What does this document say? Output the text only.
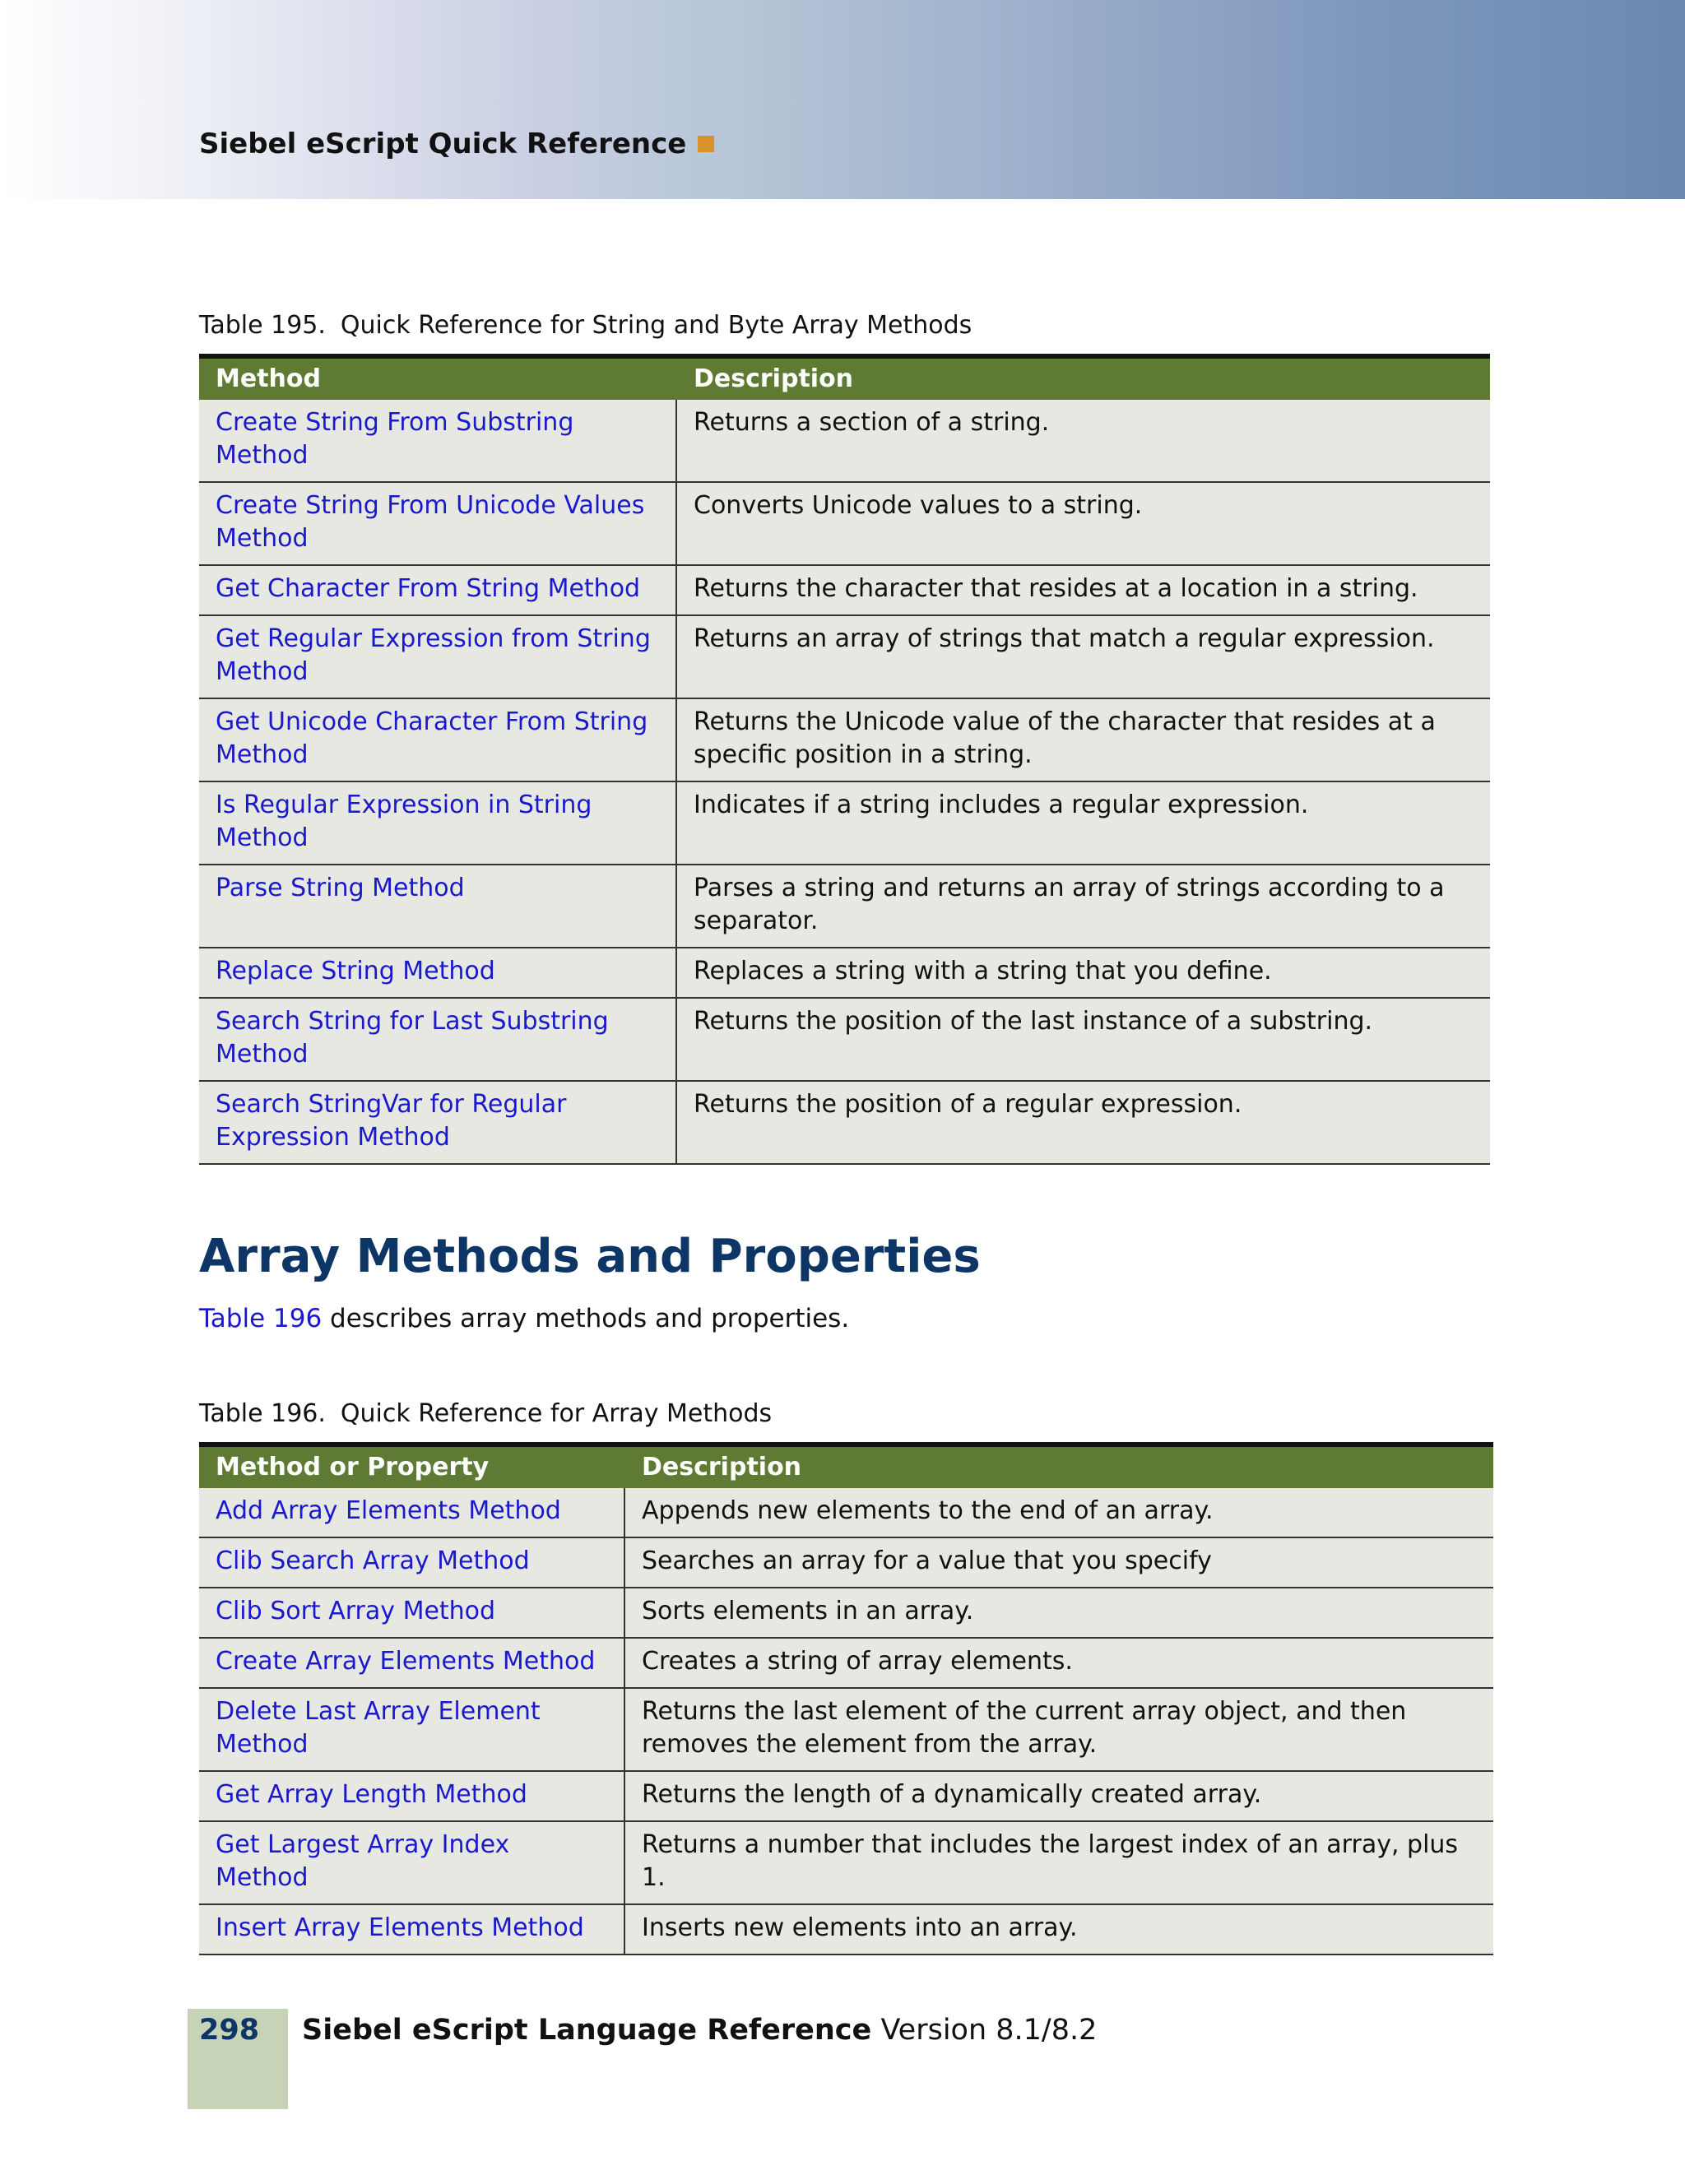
Siebel eScript Quick Reference
Table 195. Quick Reference for String and Byte Array Methods
Method	Description
Create String From Substring Method	Returns a section of a string.
Create String From Unicode Values Method	Converts Unicode values to a string.
Get Character From String Method	Returns the character that resides at a location in a string.
Get Regular Expression from String Method	Returns an array of strings that match a regular expression.
Get Unicode Character From String Method	Returns the Unicode value of the character that resides at a specific position in a string.
Is Regular Expression in String Method	Indicates if a string includes a regular expression.
Parse String Method	Parses a string and returns an array of strings according to a separator.
Replace String Method	Replaces a string with a string that you define.
Search String for Last Substring Method	Returns the position of the last instance of a substring.
Search StringVar for Regular Expression Method	Returns the position of a regular expression.
Array Methods and Properties
Table 196 describes array methods and properties.
Table 196. Quick Reference for Array Methods
Method or Property	Description
Add Array Elements Method	Appends new elements to the end of an array.
Clib Search Array Method	Searches an array for a value that you specify
Clib Sort Array Method	Sorts elements in an array.
Create Array Elements Method	Creates a string of array elements.
Delete Last Array Element Method	Returns the last element of the current array object, and then removes the element from the array.
Get Array Length Method	Returns the length of a dynamically created array.
Get Largest Array Index Method	Returns a number that includes the largest index of an array, plus 1.
Insert Array Elements Method	Inserts new elements into an array.
298 Siebel eScript Language Reference Version 8.1/8.2
